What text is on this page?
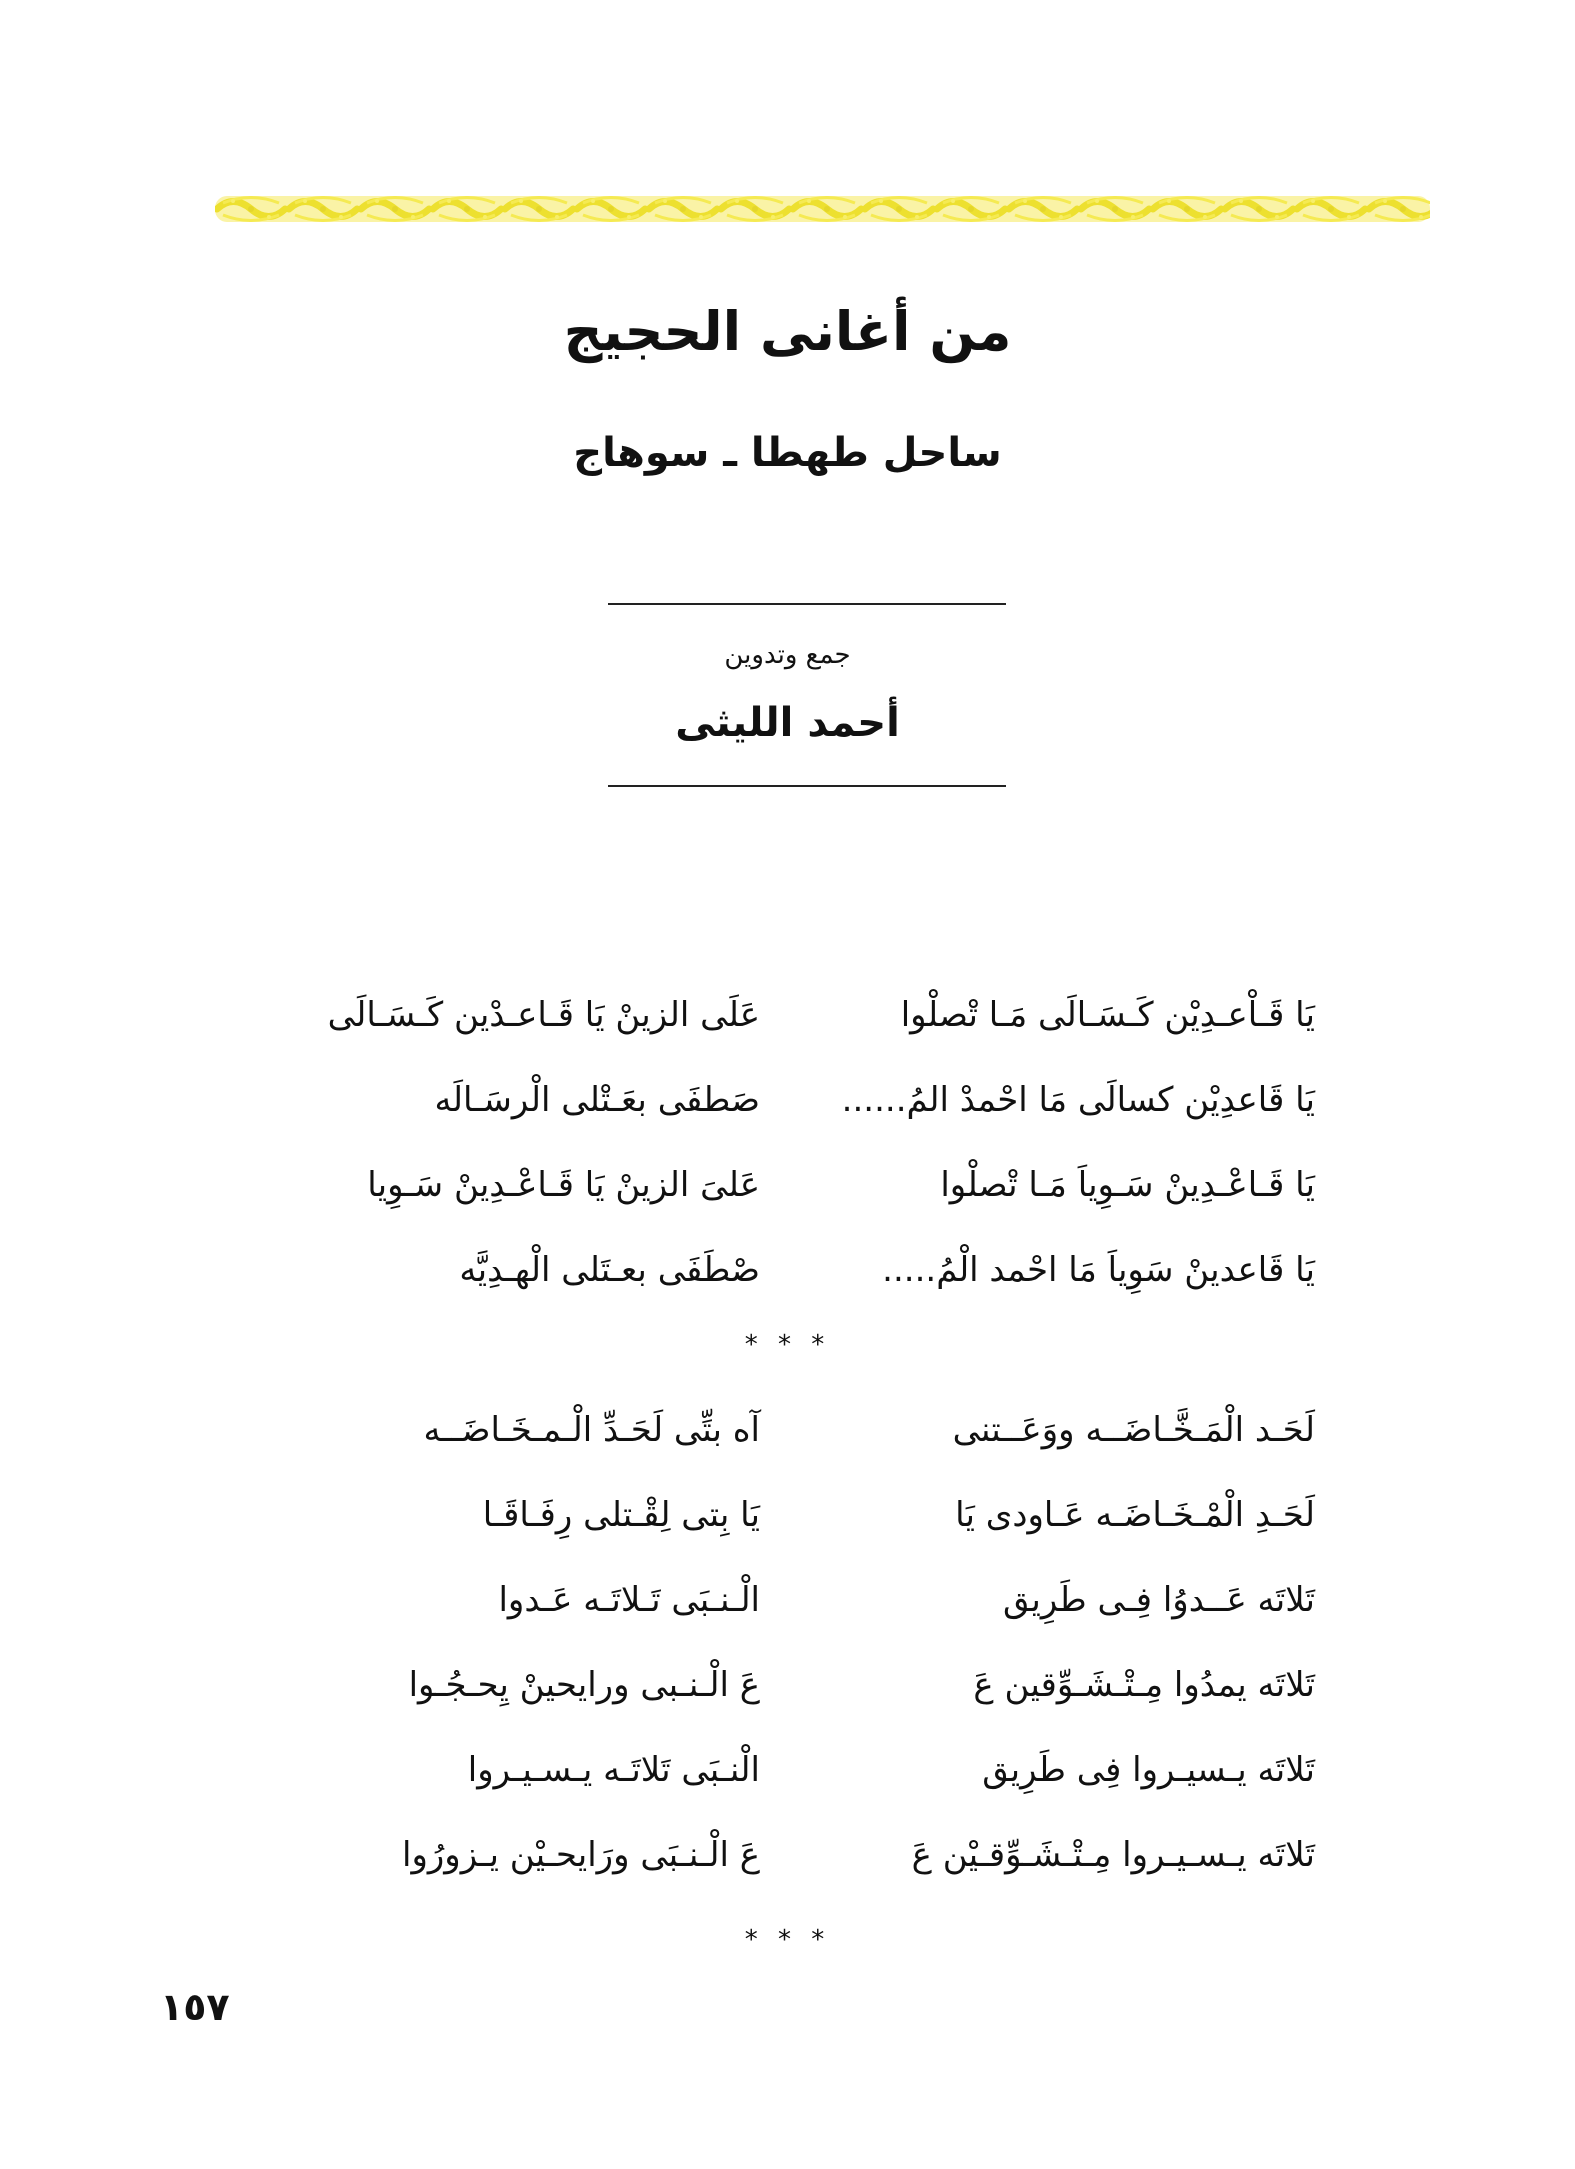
من أغانى الحجيج
ساحل طهطا ـ سوهاج
جمع وتدوين
أحمد الليثى
يَا قَـاْعـدِيْن كَـسَـالَى مَـا تْصلْوا
عَلَى الزينْ يَا قَـاعـدْين كَـسَـالَى
يَا قَاعدِيْن كسالَى مَا احْمدْ المُ......
صَطفَى بعَـتْلى الْرسَـالَه
يَا قَـاعْـدِينْ سَـوِياَ مَـا تْصلْوا
عَلىَ الزينْ يَا قَـاعْـدِينْ سَـوِيا
يَا قَاعدينْ سَوِياَ مَا احْمد الْمُ.....
صْطَفَى بعـتَلى الْهـدِيَّه
* * *
لَحَـد الْمَـخَّـاضَــه ووَعَــتنى
آه بتِّى لَحَـدِّ الْـمـخَـاضَــه
لَحَـدِ الْمْـخَـاضَـه عَـاودى يَا
يَا بِتى لِقْـتلى رِفَـاقَـا
تَلاتَه عَــدوُا فِـى طَرِيق
الْـنـبَى تَـلاتَـه عَـدوا
تَلاتَه يمدُوا مِـتْـشَـوِّقين عَ
عَ الْـنـبى ورايحينْ يِحـجُـوا
تَلاتَه يـسيـروا فِى طَرِيق
الْنـبَى تَلاتَـه يـسـيـروا
تَلاتَه يـسـيـروا مِـتْـشَـوِّقـيْن عَ
عَ الْـنـبَى ورَايحـيْن يـزورُوا
* * *
١٥٧
